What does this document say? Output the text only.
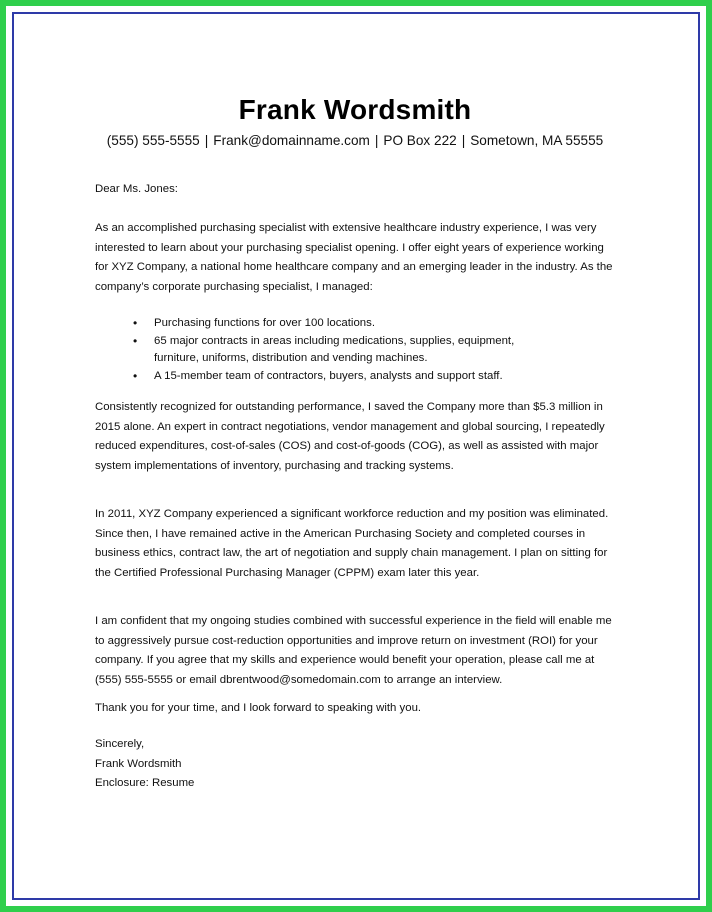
Frank Wordsmith

(555) 555-5555 | Frank@domainname.com | PO Box 222 | Sometown, MA 55555

Dear Ms. Jones:

As an accomplished purchasing specialist with extensive healthcare industry experience, I was very interested to learn about your purchasing specialist opening. I offer eight years of experience working for XYZ Company, a national home healthcare company and an emerging leader in the industry. As the company’s corporate purchasing specialist, I managed:

• Purchasing functions for over 100 locations.
• 65 major contracts in areas including medications, supplies, equipment, furniture, uniforms, distribution and vending machines.
• A 15-member team of contractors, buyers, analysts and support staff.

Consistently recognized for outstanding performance, I saved the Company more than $5.3 million in 2015 alone. An expert in contract negotiations, vendor management and global sourcing, I repeatedly reduced expenditures, cost-of-sales (COS) and cost-of-goods (COG), as well as assisted with major system implementations of inventory, purchasing and tracking systems.

In 2011, XYZ Company experienced a significant workforce reduction and my position was eliminated. Since then, I have remained active in the American Purchasing Society and completed courses in business ethics, contract law, the art of negotiation and supply chain management. I plan on sitting for the Certified Professional Purchasing Manager (CPPM) exam later this year.

I am confident that my ongoing studies combined with successful experience in the field will enable me to aggressively pursue cost-reduction opportunities and improve return on investment (ROI) for your company. If you agree that my skills and experience would benefit your operation, please call me at (555) 555-5555 or email dbrentwood@somedomain.com to arrange an interview.

Thank you for your time, and I look forward to speaking with you.

Sincerely,
Frank Wordsmith
Enclosure: Resume
